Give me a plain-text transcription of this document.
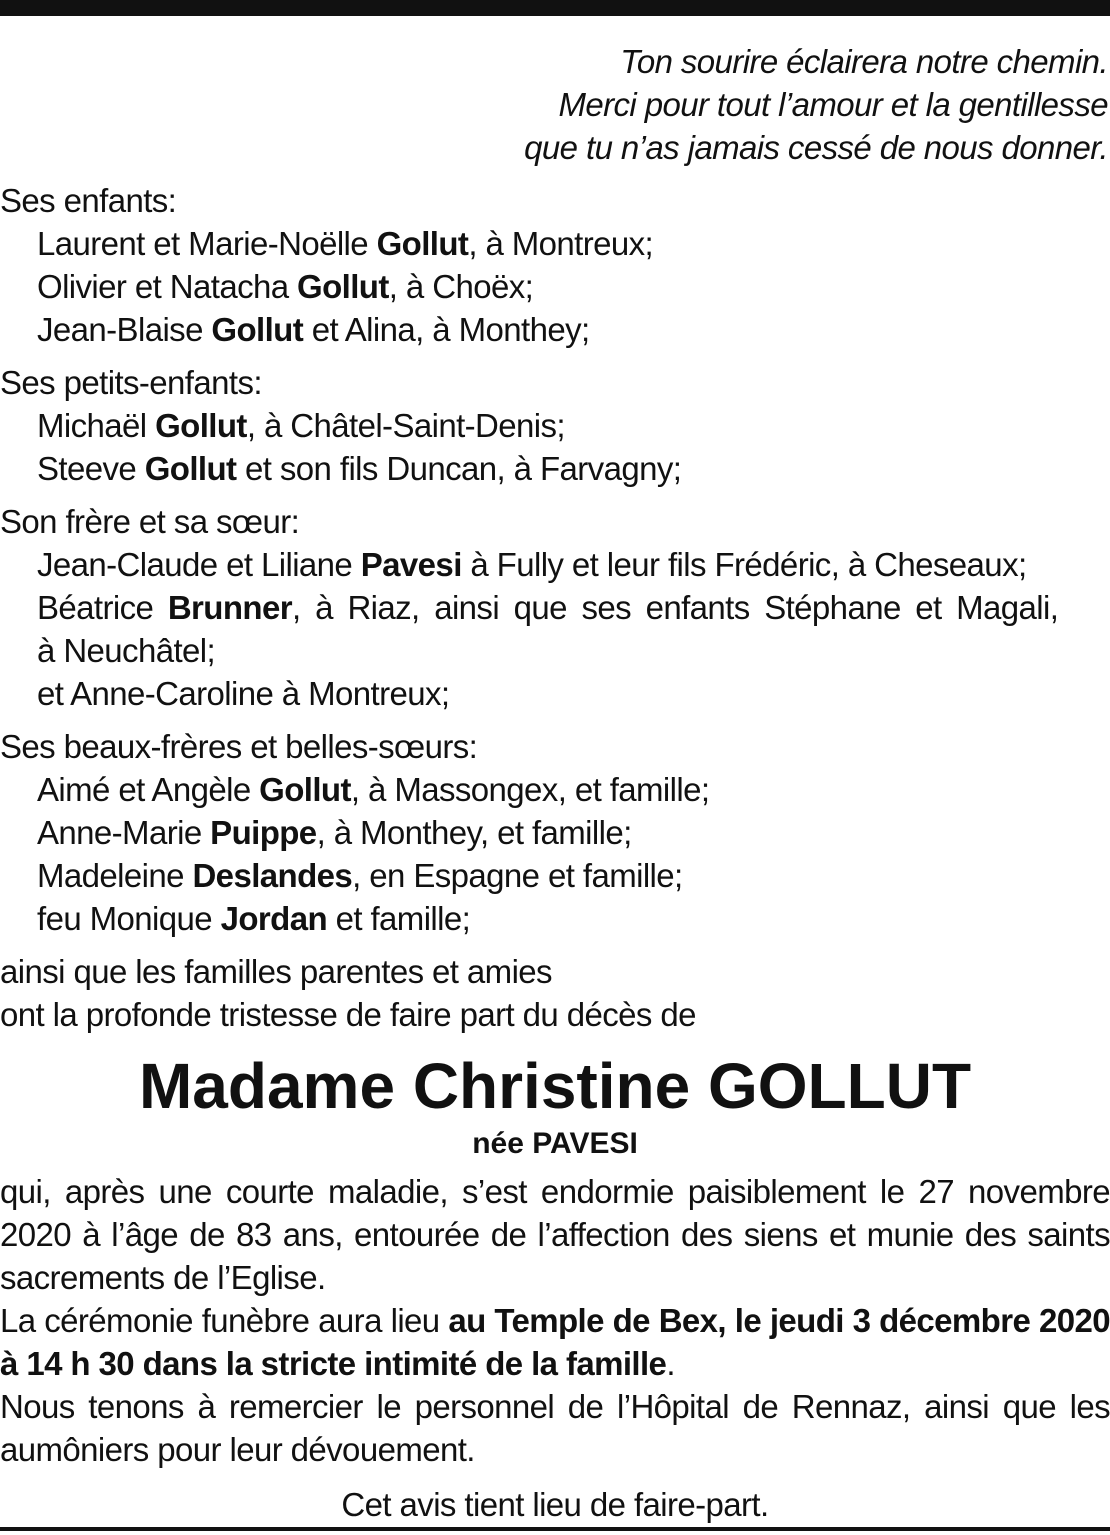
Ton sourire éclairera notre chemin.
Merci pour tout l’amour et la gentillesse
que tu n’as jamais cessé de nous donner.
Ses enfants:
Laurent et Marie-Noëlle Gollut, à Montreux;
Olivier et Natacha Gollut, à Choëx;
Jean-Blaise Gollut et Alina, à Monthey;
Ses petits-enfants:
Michaël Gollut, à Châtel-Saint-Denis;
Steeve Gollut et son fils Duncan, à Farvagny;
Son frère et sa sœur:
Jean-Claude et Liliane Pavesi à Fully et leur fils Frédéric, à Cheseaux;
Béatrice Brunner, à Riaz, ainsi que ses enfants Stéphane et Magali,
à Neuchâtel;
et Anne-Caroline à Montreux;
Ses beaux-frères et belles-sœurs:
Aimé et Angèle Gollut, à Massongex, et famille;
Anne-Marie Puippe, à Monthey, et famille;
Madeleine Deslandes, en Espagne et famille;
feu Monique Jordan et famille;
ainsi que les familles parentes et amies
ont la profonde tristesse de faire part du décès de
Madame Christine GOLLUT
née PAVESI
qui, après une courte maladie, s’est endormie paisiblement le 27 novembre 2020 à l’âge de 83 ans, entourée de l’affection des siens et munie des saints sacrements de l’Eglise.
La cérémonie funèbre aura lieu au Temple de Bex, le jeudi 3 décembre 2020 à 14 h 30 dans la stricte intimité de la famille.
Nous tenons à remercier le personnel de l’Hôpital de Rennaz, ainsi que les aumôniers pour leur dévouement.
Cet avis tient lieu de faire-part.
